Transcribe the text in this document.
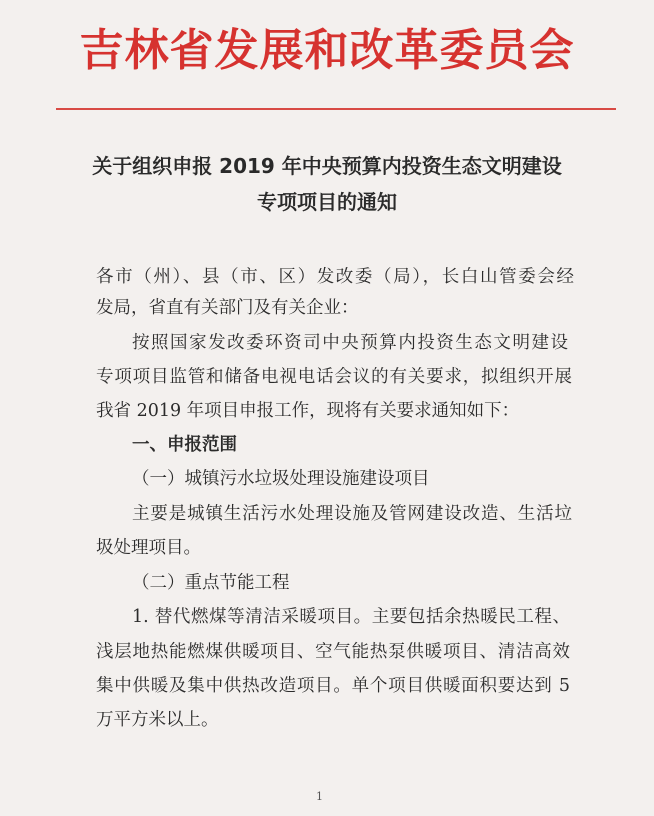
吉林省发展和改革委员会
关于组织申报 2019 年中央预算内投资生态文明建设
专项项目的通知
各市（州）、县（市、区）发改委（局），长白山管委会经
发局，省直有关部门及有关企业：
按照国家发改委环资司中央预算内投资生态文明建设
专项项目监管和储备电视电话会议的有关要求，拟组织开展
我省 2019 年项目申报工作，现将有关要求通知如下：
一、申报范围
（一）城镇污水垃圾处理设施建设项目
主要是城镇生活污水处理设施及管网建设改造、生活垃
圾处理项目。
（二）重点节能工程
1. 替代燃煤等清洁采暖项目。主要包括余热暖民工程、
浅层地热能燃煤供暖项目、空气能热泵供暖项目、清洁高效
集中供暖及集中供热改造项目。单个项目供暖面积要达到 5
万平方米以上。
1
